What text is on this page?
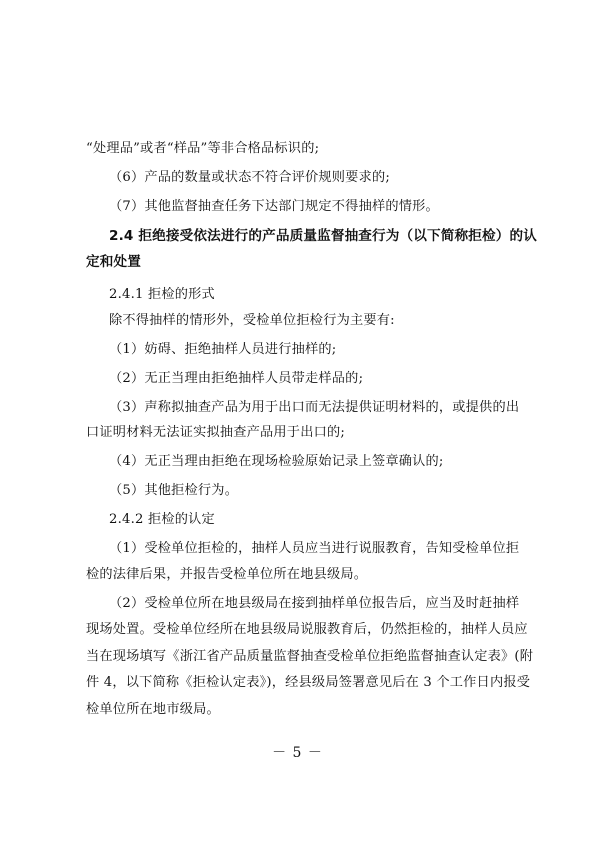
“处理品”或者“样品”等非合格品标识的;
（6）产品的数量或状态不符合评价规则要求的;
（7）其他监督抽查任务下达部门规定不得抽样的情形。
2.4 拒绝接受依法进行的产品质量监督抽查行为（以下简称拒检）的认
定和处置
2.4.1 拒检的形式
除不得抽样的情形外，受检单位拒检行为主要有:
（1）妨碍、拒绝抽样人员进行抽样的;
（2）无正当理由拒绝抽样人员带走样品的;
（3）声称拟抽查产品为用于出口而无法提供证明材料的，或提供的出
口证明材料无法证实拟抽查产品用于出口的;
（4）无正当理由拒绝在现场检验原始记录上签章确认的;
（5）其他拒检行为。
2.4.2 拒检的认定
（1）受检单位拒检的，抽样人员应当进行说服教育，告知受检单位拒
检的法律后果，并报告受检单位所在地县级局。
（2）受检单位所在地县级局在接到抽样单位报告后，应当及时赶抽样
现场处置。受检单位经所在地县级局说服教育后，仍然拒检的，抽样人员应
当在现场填写《浙江省产品质量监督抽查受检单位拒绝监督抽查认定表》(附
件 4，以下简称《拒检认定表》)，经县级局签署意见后在 3 个工作日内报受
检单位所在地市级局。
－ 5 －
